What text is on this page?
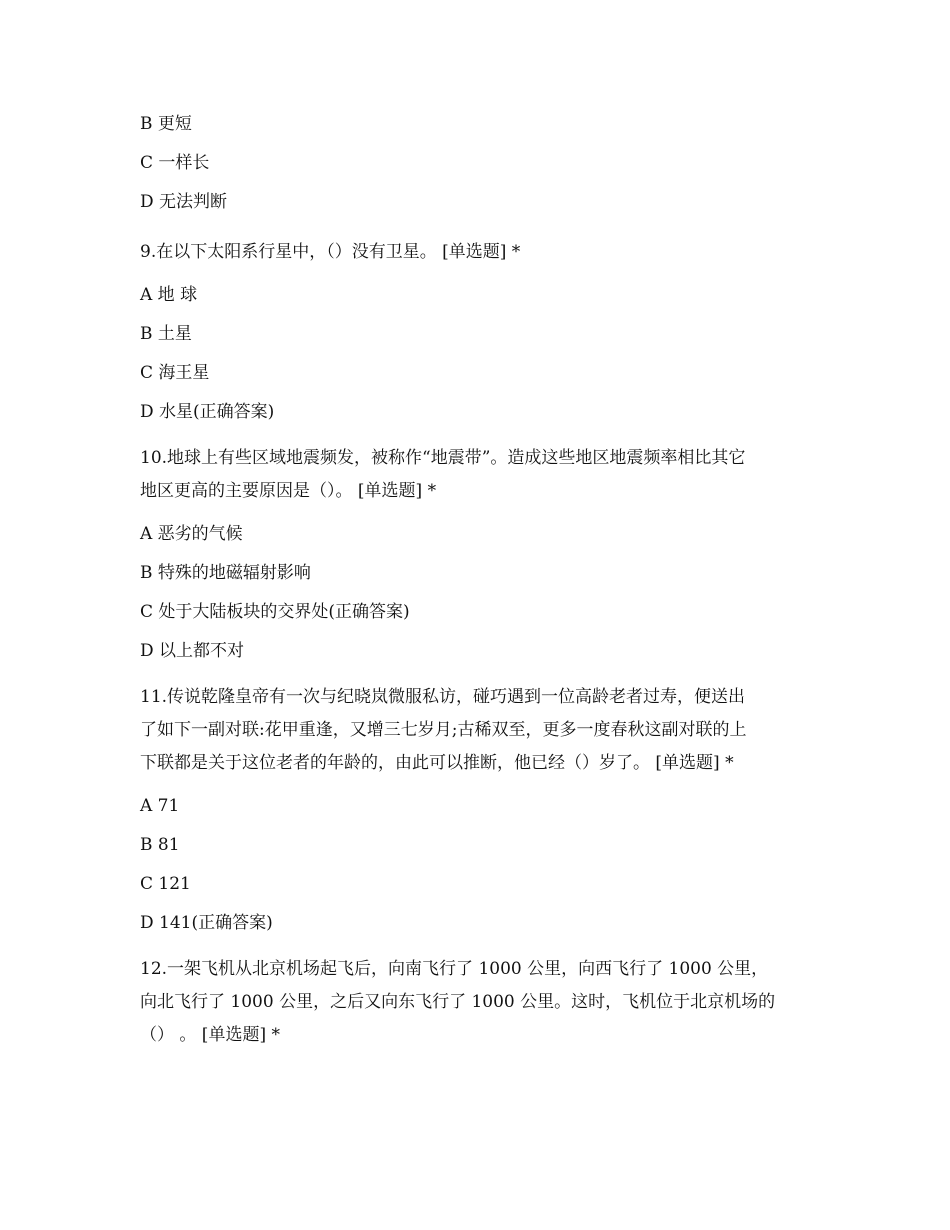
B 更短
C 一样长
D 无法判断
9.在以下太阳系行星中，（）没有卫星。 [单选题] *
A 地 球
B 土星
C 海王星
D 水星(正确答案)
10.地球上有些区域地震频发，被称作“地震带”。造成这些地区地震频率相比其它
地区更高的主要原因是（）。 [单选题] *
A 恶劣的气候
B 特殊的地磁辐射影响
C 处于大陆板块的交界处(正确答案)
D 以上都不对
11.传说乾隆皇帝有一次与纪晓岚微服私访，碰巧遇到一位高龄老者过寿，便送出
了如下一副对联:花甲重逢，又增三七岁月;古稀双至，更多一度春秋这副对联的上
下联都是关于这位老者的年龄的，由此可以推断，他已经（）岁了。 [单选题] *
A 71
B 81
C 121
D 141(正确答案)
12.一架飞机从北京机场起飞后，向南飞行了 1000 公里，向西飞行了 1000 公里，
向北飞行了 1000 公里，之后又向东飞行了 1000 公里。这时，飞机位于北京机场的
（） 。 [单选题] *
